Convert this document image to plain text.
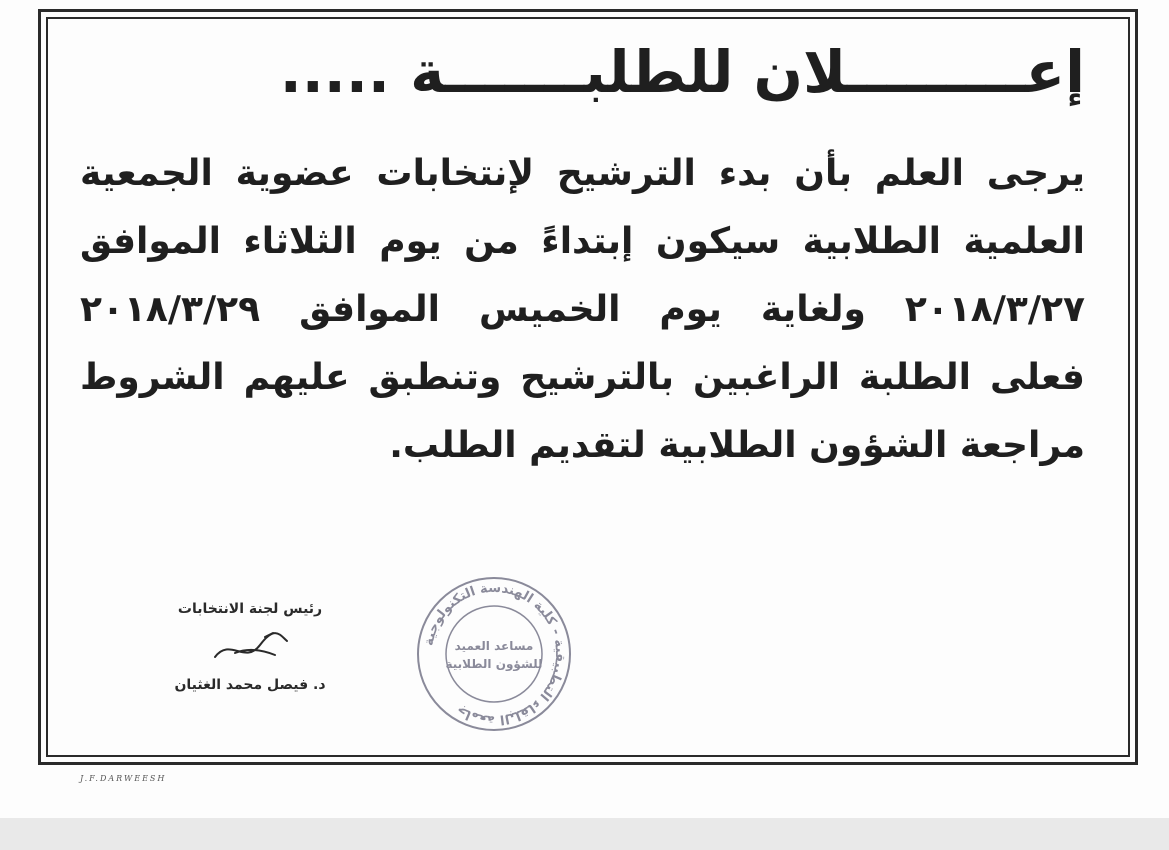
إعـــــــــلان للطلبـــــــة .....
يرجى العلم بأن بدء الترشيح لإنتخابات عضوية الجمعية
العلمية الطلابية سيكون إبتداءً من يوم الثلاثاء الموافق
٢٠١٨/٣/٢٧ ولغاية يوم الخميس الموافق ٢٠١٨/٣/٢٩
فعلى الطلبة الراغبين بالترشيح وتنطبق عليهم الشروط
مراجعة الشؤون الطلابية لتقديم الطلب.
رئيس لجنة الانتخابات
د. فيصل محمد الغثيان
جامعة البلقاء التطبيقية - كلية الهندسة التكنولوجية
مساعد العميد
للشؤون الطلابية
J.F.DARWEESH
